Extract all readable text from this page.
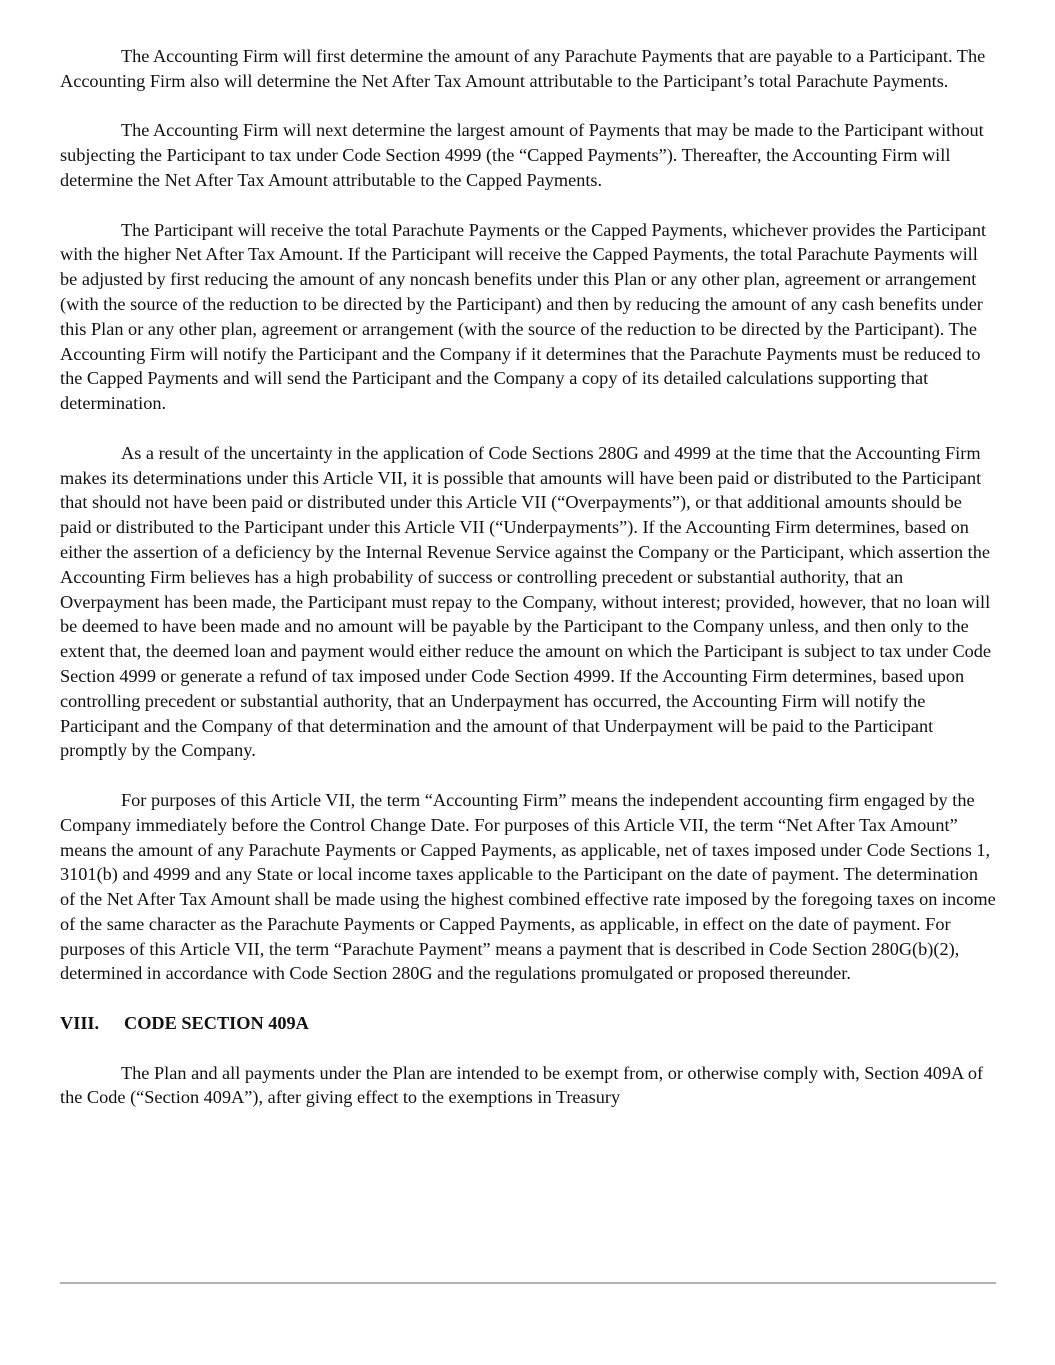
The Accounting Firm will first determine the amount of any Parachute Payments that are payable to a Participant. The Accounting Firm also will determine the Net After Tax Amount attributable to the Participant’s total Parachute Payments.

The Accounting Firm will next determine the largest amount of Payments that may be made to the Participant without subjecting the Participant to tax under Code Section 4999 (the “Capped Payments”). Thereafter, the Accounting Firm will determine the Net After Tax Amount attributable to the Capped Payments.

The Participant will receive the total Parachute Payments or the Capped Payments, whichever provides the Participant with the higher Net After Tax Amount. If the Participant will receive the Capped Payments, the total Parachute Payments will be adjusted by first reducing the amount of any noncash benefits under this Plan or any other plan, agreement or arrangement (with the source of the reduction to be directed by the Participant) and then by reducing the amount of any cash benefits under this Plan or any other plan, agreement or arrangement (with the source of the reduction to be directed by the Participant). The Accounting Firm will notify the Participant and the Company if it determines that the Parachute Payments must be reduced to the Capped Payments and will send the Participant and the Company a copy of its detailed calculations supporting that determination.

As a result of the uncertainty in the application of Code Sections 280G and 4999 at the time that the Accounting Firm makes its determinations under this Article VII, it is possible that amounts will have been paid or distributed to the Participant that should not have been paid or distributed under this Article VII (“Overpayments”), or that additional amounts should be paid or distributed to the Participant under this Article VII (“Underpayments”). If the Accounting Firm determines, based on either the assertion of a deficiency by the Internal Revenue Service against the Company or the Participant, which assertion the Accounting Firm believes has a high probability of success or controlling precedent or substantial authority, that an Overpayment has been made, the Participant must repay to the Company, without interest; provided, however, that no loan will be deemed to have been made and no amount will be payable by the Participant to the Company unless, and then only to the extent that, the deemed loan and payment would either reduce the amount on which the Participant is subject to tax under Code Section 4999 or generate a refund of tax imposed under Code Section 4999. If the Accounting Firm determines, based upon controlling precedent or substantial authority, that an Underpayment has occurred, the Accounting Firm will notify the Participant and the Company of that determination and the amount of that Underpayment will be paid to the Participant promptly by the Company.

For purposes of this Article VII, the term “Accounting Firm” means the independent accounting firm engaged by the Company immediately before the Control Change Date. For purposes of this Article VII, the term “Net After Tax Amount” means the amount of any Parachute Payments or Capped Payments, as applicable, net of taxes imposed under Code Sections 1, 3101(b) and 4999 and any State or local income taxes applicable to the Participant on the date of payment. The determination of the Net After Tax Amount shall be made using the highest combined effective rate imposed by the foregoing taxes on income of the same character as the Parachute Payments or Capped Payments, as applicable, in effect on the date of payment. For purposes of this Article VII, the term “Parachute Payment” means a payment that is described in Code Section 280G(b)(2), determined in accordance with Code Section 280G and the regulations promulgated or proposed thereunder.

VIII.	CODE SECTION 409A

The Plan and all payments under the Plan are intended to be exempt from, or otherwise comply with, Section 409A of the Code (“Section 409A”), after giving effect to the exemptions in Treasury
